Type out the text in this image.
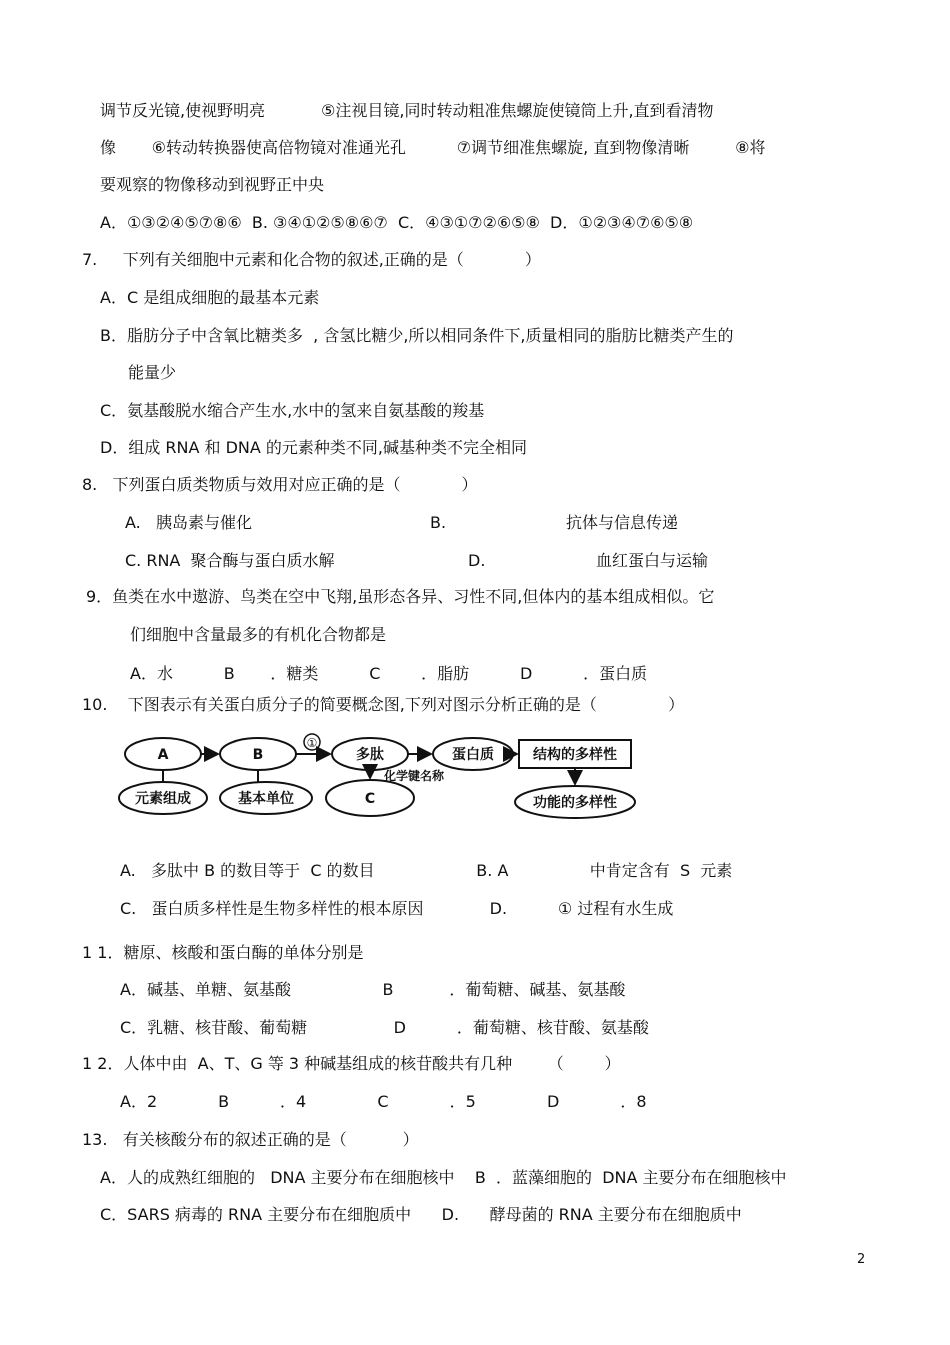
调节反光镜,使视野明亮           ⑤注视目镜,同时转动粗准焦螺旋使镜筒上升,直到看清物
像       ⑥转动转换器使高倍物镜对准通光孔          ⑦调节细准焦螺旋, 直到物像清晰         ⑧将
要观察的物像移动到视野正中央
A．①③②④⑤⑦⑧⑥  B. ③④①②⑤⑧⑥⑦  C．④③①⑦②⑥⑤⑧  D．①②③④⑦⑥⑤⑧
7.     下列有关细胞中元素和化合物的叙述,正确的是（            ）
A．C 是组成细胞的最基本元素
B．脂肪分子中含氧比糖类多  , 含氢比糖少,所以相同条件下,质量相同的脂肪比糖类产生的
能量少
C．氨基酸脱水缩合产生水,水中的氢来自氨基酸的羧基
D．组成 RNA 和 DNA 的元素种类不同,碱基种类不完全相同
8.   下列蛋白质类物质与效用对应正确的是（            ）
A.   胰岛素与催化	B.	抗体与信息传递
C. RNA  聚合酶与蛋白质水解	D.	血红蛋白与运输
9．鱼类在水中遨游、鸟类在空中飞翔,虽形态各异、习性不同,但体内的基本组成相似。它
们细胞中含量最多的有机化合物都是
A．水          B       ．糖类          C        ．脂肪          D          ．蛋白质
10.    下图表示有关蛋白质分子的简要概念图,下列对图示分析正确的是（              ）
A	B
①
多肽	蛋白质	结构的多样性
元素组成	基本单位	C
化学键名称
功能的多样性
A.   多肽中 B 的数目等于  C 的数目                    B. A                中肯定含有  S  元素
C.   蛋白质多样性是生物多样性的根本原因             D.          ① 过程有水生成
1 1．糖原、核酸和蛋白酶的单体分别是
A．碱基、单糖、氨基酸                  B           ．葡萄糖、碱基、氨基酸
C．乳糖、核苷酸、葡萄糖                 D          ．葡萄糖、核苷酸、氨基酸
1 2．人体中由  A、T、G 等 3 种碱基组成的核苷酸共有几种       （        ）
A．2            B          ．4              C            ．5              D            ．8
13.   有关核酸分布的叙述正确的是（           ）
A．人的成熟红细胞的   DNA 主要分布在细胞核中    B  ．蓝藻细胞的  DNA 主要分布在细胞核中
C．SARS 病毒的 RNA 主要分布在细胞质中      D.      酵母菌的 RNA 主要分布在细胞质中
2
